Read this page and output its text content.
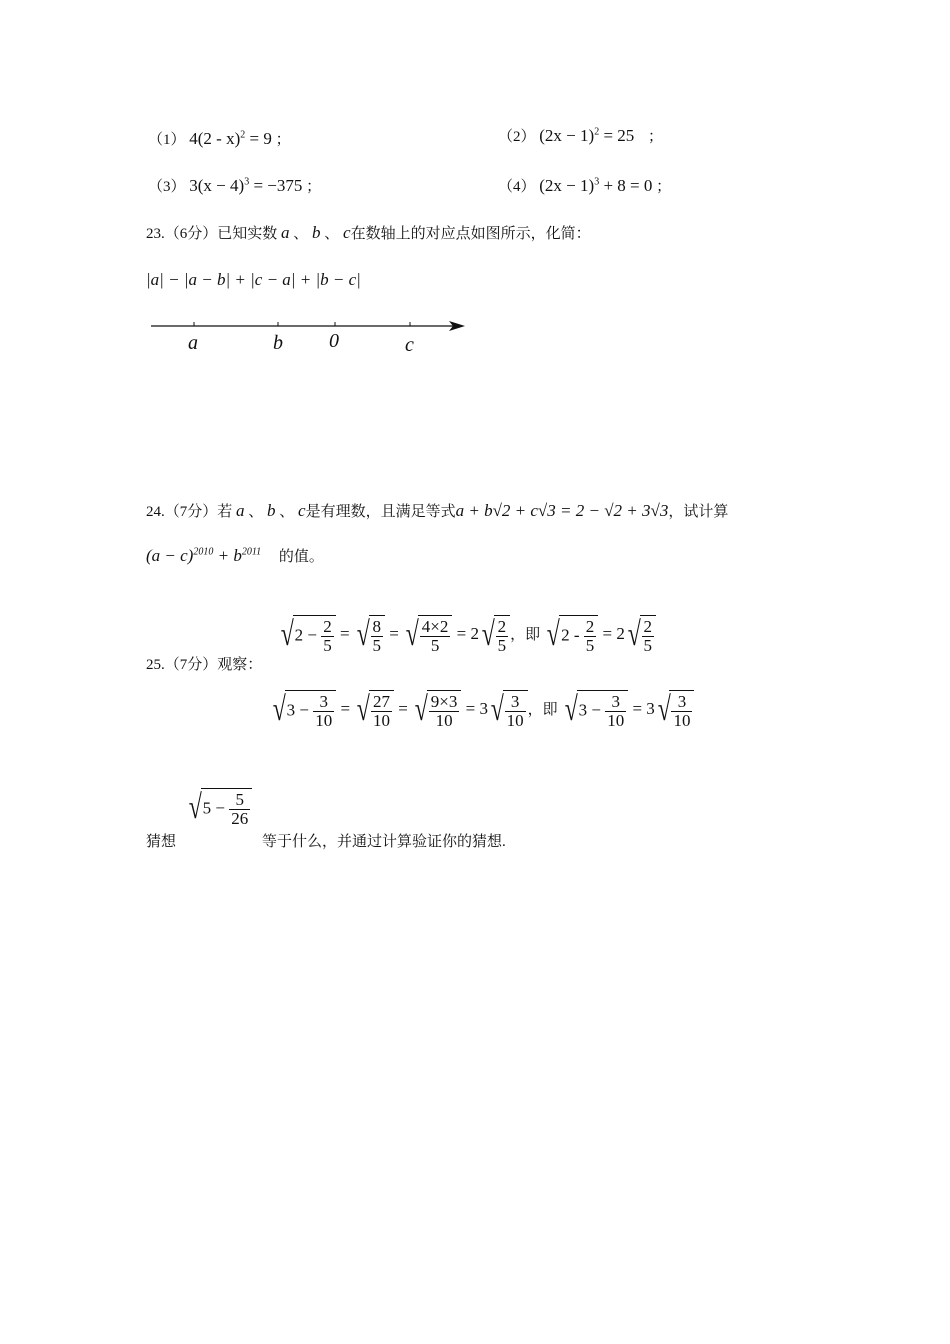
（1） 4(2 - x)$^2$ = 9 ；	（2） $(2x - 1)^2 = 25$ ；
（3） $3(x - 4)^3 = -375$ ；	（4） $(2x - 1)^3 + 8 = 0$ ；
23.（6分）已知实数 a 、 b 、 c在数轴上的对应点如图所示，化简：
|a| − |a − b| + |c − a| + |b − c|
a	b 0	c
24.（7分）若 a 、 b 、 c是有理数，且满足等式a + b√2 + c√3 = 2 − √2 + 3√3，试计算
$(a - c)^{2010} + b^{2011}$ 的值。
25.（7分）观察：
$√2 - \frac{2}{5}$ = √ $\frac{8}{5}$ = √ $\frac{4\times 2}{5} = 2√ \frac{2}{5}$ ，即 $√2 - \frac{2}{5} = 2√ \frac{2}{5}$
$√3 - \frac{3}{10}$ = √ $\frac{27}{10}$ = √ $\frac{9\times 3}{10} = 3√ \frac{3}{10}$ ，即 $√3 - \frac{3}{10} = 3√ \frac{3}{10}$
猜想
$√5 - \frac{5}{26}$
等于什么，并通过计算验证你的猜想.
